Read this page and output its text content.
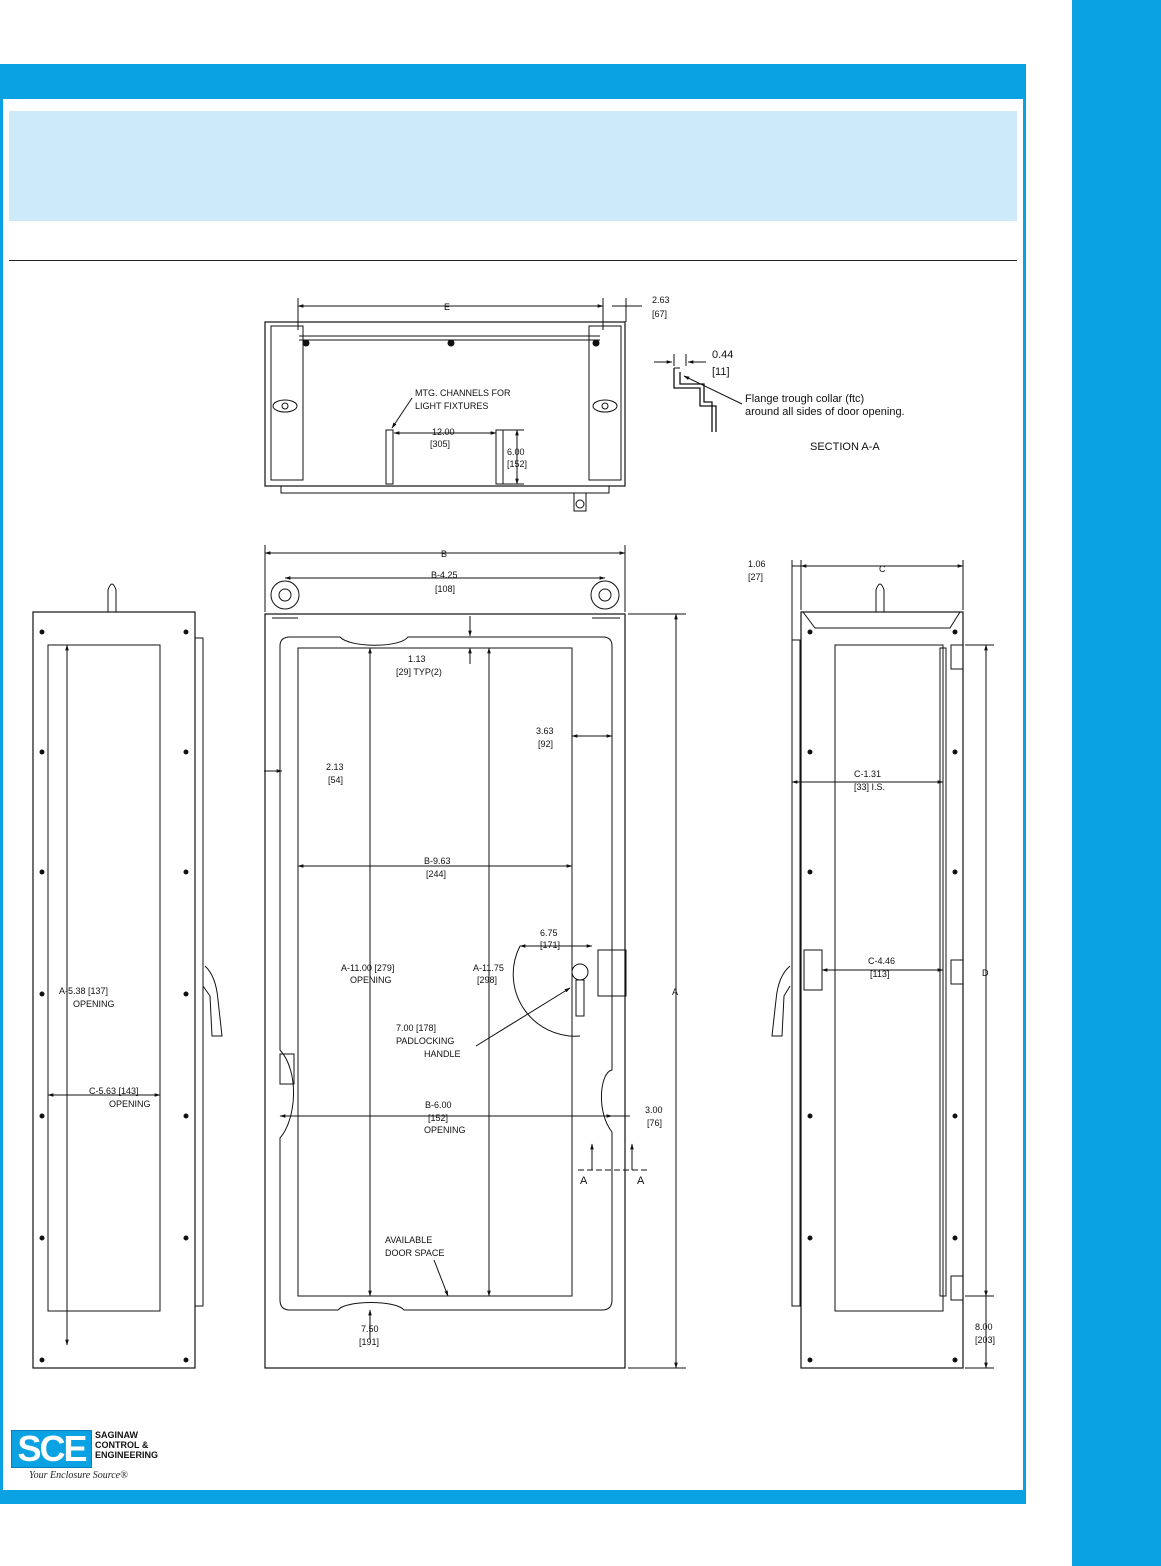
E
2.63
[67]
MTG. CHANNELS FOR
LIGHT FIXTURES
12.00
[305]
6.00
[152]
0.44
[11]
Flange trough collar (ftc)
around all sides of door opening.
SECTION A-A
B
B-4.25
[108]
1.13
[29] TYP(2)
3.63
[92]
2.13
[54]
B-9.63
[244]
6.75
[171]
A-11.00 [279]
OPENING
A-11.75
[298]
A
7.00 [178]
PADLOCKING
HANDLE
B-6.00
[152]
OPENING
3.00
[76]
A	A
AVAILABLE
DOOR SPACE
7.50
[191]
A-5.38 [137]
OPENING
C-5.63 [143]
OPENING
1.06
[27]
C
C-1.31
[33] I.S.
C-4.46
[113]	D
8.00
[203]
SCE	SAGINAW
CONTROL &
ENGINEERING
Your Enclosure Source®
